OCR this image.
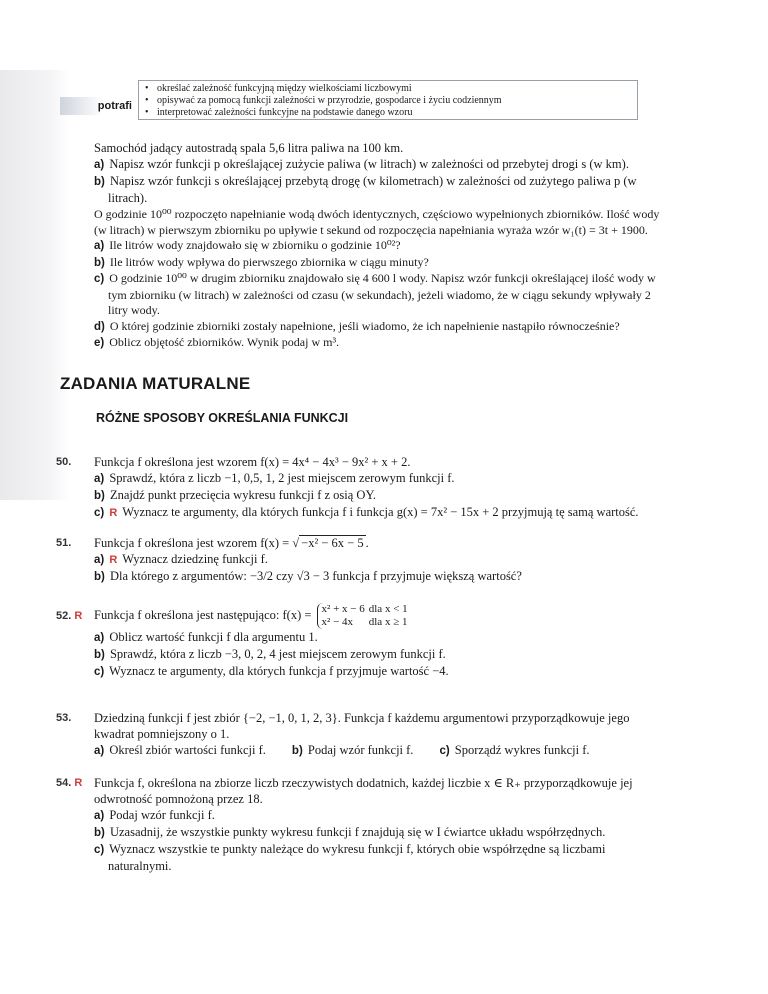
potrafi
• określać zależność funkcyjną między wielkościami liczbowymi
• opisywać za pomocą funkcji zależności w przyrodzie, gospodarce i życiu codziennym
• interpretować zależności funkcyjne na podstawie danego wzoru
Samochód jadący autostradą spala 5,6 litra paliwa na 100 km.
a) Napisz wzór funkcji p określającej zużycie paliwa (w litrach) w zależności od przebytej drogi s (w km).
b) Napisz wzór funkcji s określającej przebytą drogę (w kilometrach) w zależności od zużytego paliwa p (w litrach).
O godzinie 10⁰⁰ rozpoczęto napełnianie wodą dwóch identycznych, częściowo wypełnionych zbiorników. Ilość wody (w litrach) w pierwszym zbiorniku po upływie t sekund od rozpoczęcia napełniania wyraża wzór w₁(t) = 3t + 1900.
a) Ile litrów wody znajdowało się w zbiorniku o godzinie 10⁰²?
b) Ile litrów wody wpływa do pierwszego zbiornika w ciągu minuty?
c) O godzinie 10⁰⁰ w drugim zbiorniku znajdowało się 4 600 l wody. Napisz wzór funkcji określającej ilość wody w tym zbiorniku (w litrach) w zależności od czasu (w sekundach), jeżeli wiadomo, że w ciągu sekundy wpływały 2 litry wody.
d) O której godzinie zbiorniki zostały napełnione, jeśli wiadomo, że ich napełnienie nastąpiło równocześnie?
e) Oblicz objętość zbiorników. Wynik podaj w m³.
ZADANIA MATURALNE
RÓŻNE SPOSOBY OKREŚLANIA FUNKCJI
50. Funkcja f określona jest wzorem f(x) = 4x⁴ − 4x³ − 9x² + x + 2.
a) Sprawdź, która z liczb −1, 0,5, 1, 2 jest miejscem zerowym funkcji f.
b) Znajdź punkt przecięcia wykresu funkcji f z osią OY.
c) R Wyznacz te argumenty, dla których funkcja f i funkcja g(x) = 7x² − 15x + 2 przyjmują tę samą wartość.
51. Funkcja f określona jest wzorem f(x) = √ −x² − 6x − 5 .
a) R Wyznacz dziedzinę funkcji f.
b) Dla którego z argumentów: −3/2 czy √3 − 3 funkcja f przyjmuje większą wartość?
52. R Funkcja f określona jest następująco: f(x) = x² + x − 6	dla x < 1
x² − 4x	dla x ≥ 1
a) Oblicz wartość funkcji f dla argumentu 1.
b) Sprawdź, która z liczb −3, 0, 2, 4 jest miejscem zerowym funkcji f.
c) Wyznacz te argumenty, dla których funkcja f przyjmuje wartość −4.
53. Dziedziną funkcji f jest zbiór {−2, −1, 0, 1, 2, 3}. Funkcja f każdemu argumentowi przyporządkowuje jego kwadrat pomniejszony o 1.
a) Określ zbiór wartości funkcji f. b) Podaj wzór funkcji f. c) Sporządź wykres funkcji f.
54. R Funkcja f, określona na zbiorze liczb rzeczywistych dodatnich, każdej liczbie x ∈ R₊ przyporządkowuje jej odwrotność pomnożoną przez 18.
a) Podaj wzór funkcji f.
b) Uzasadnij, że wszystkie punkty wykresu funkcji f znajdują się w I ćwiartce układu współrzędnych.
c) Wyznacz wszystkie te punkty należące do wykresu funkcji f, których obie współrzędne są liczbami naturalnymi.
